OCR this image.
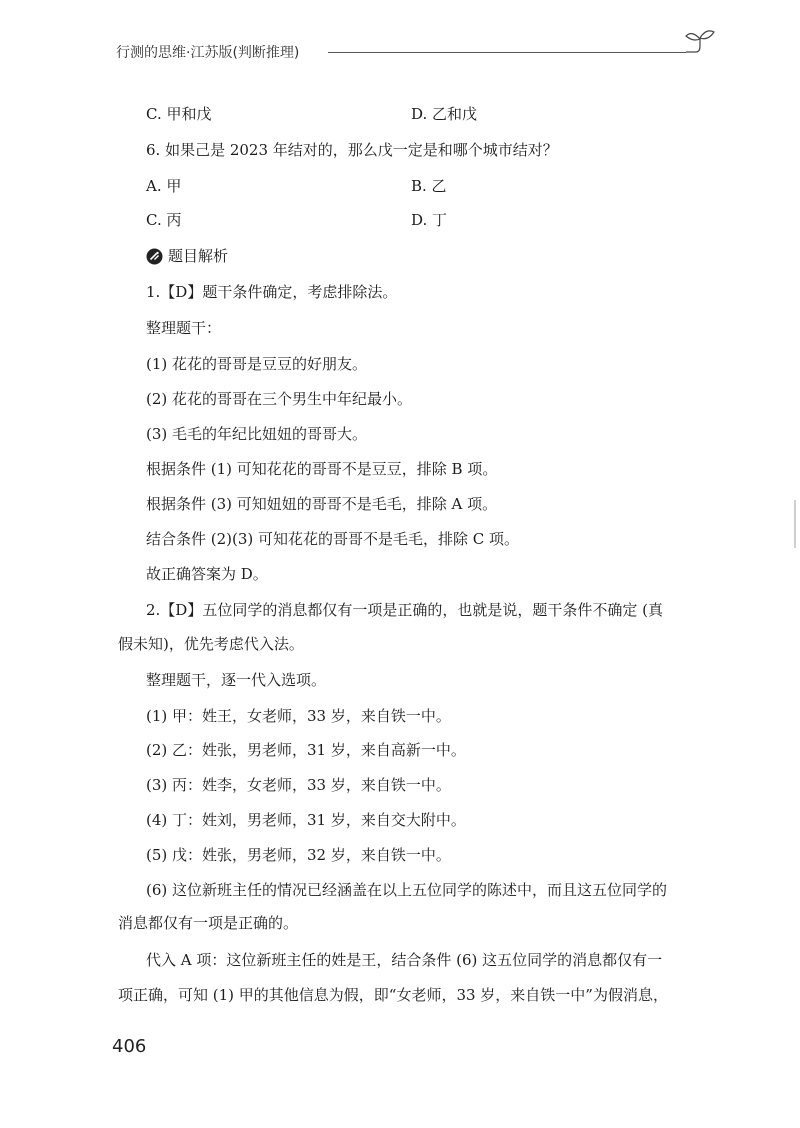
行测的思维·江苏版(判断推理)
C. 甲和戊	D. 乙和戊
6. 如果己是 2023 年结对的，那么戊一定是和哪个城市结对？
A. 甲	B. 乙
C. 丙	D. 丁
题目解析
1.【D】题干条件确定，考虑排除法。
整理题干：
(1) 花花的哥哥是豆豆的好朋友。
(2) 花花的哥哥在三个男生中年纪最小。
(3) 毛毛的年纪比妞妞的哥哥大。
根据条件 (1) 可知花花的哥哥不是豆豆，排除 B 项。
根据条件 (3) 可知妞妞的哥哥不是毛毛，排除 A 项。
结合条件 (2)(3) 可知花花的哥哥不是毛毛，排除 C 项。
故正确答案为 D。
2.【D】五位同学的消息都仅有一项是正确的，也就是说，题干条件不确定 (真
假未知)，优先考虑代入法。
整理题干，逐一代入选项。
(1) 甲：姓王，女老师，33 岁，来自铁一中。
(2) 乙：姓张，男老师，31 岁，来自高新一中。
(3) 丙：姓李，女老师，33 岁，来自铁一中。
(4) 丁：姓刘，男老师，31 岁，来自交大附中。
(5) 戊：姓张，男老师，32 岁，来自铁一中。
(6) 这位新班主任的情况已经涵盖在以上五位同学的陈述中，而且这五位同学的
消息都仅有一项是正确的。
代入 A 项：这位新班主任的姓是王，结合条件 (6) 这五位同学的消息都仅有一
项正确，可知 (1) 甲的其他信息为假，即“女老师，33 岁，来自铁一中”为假消息，
406
